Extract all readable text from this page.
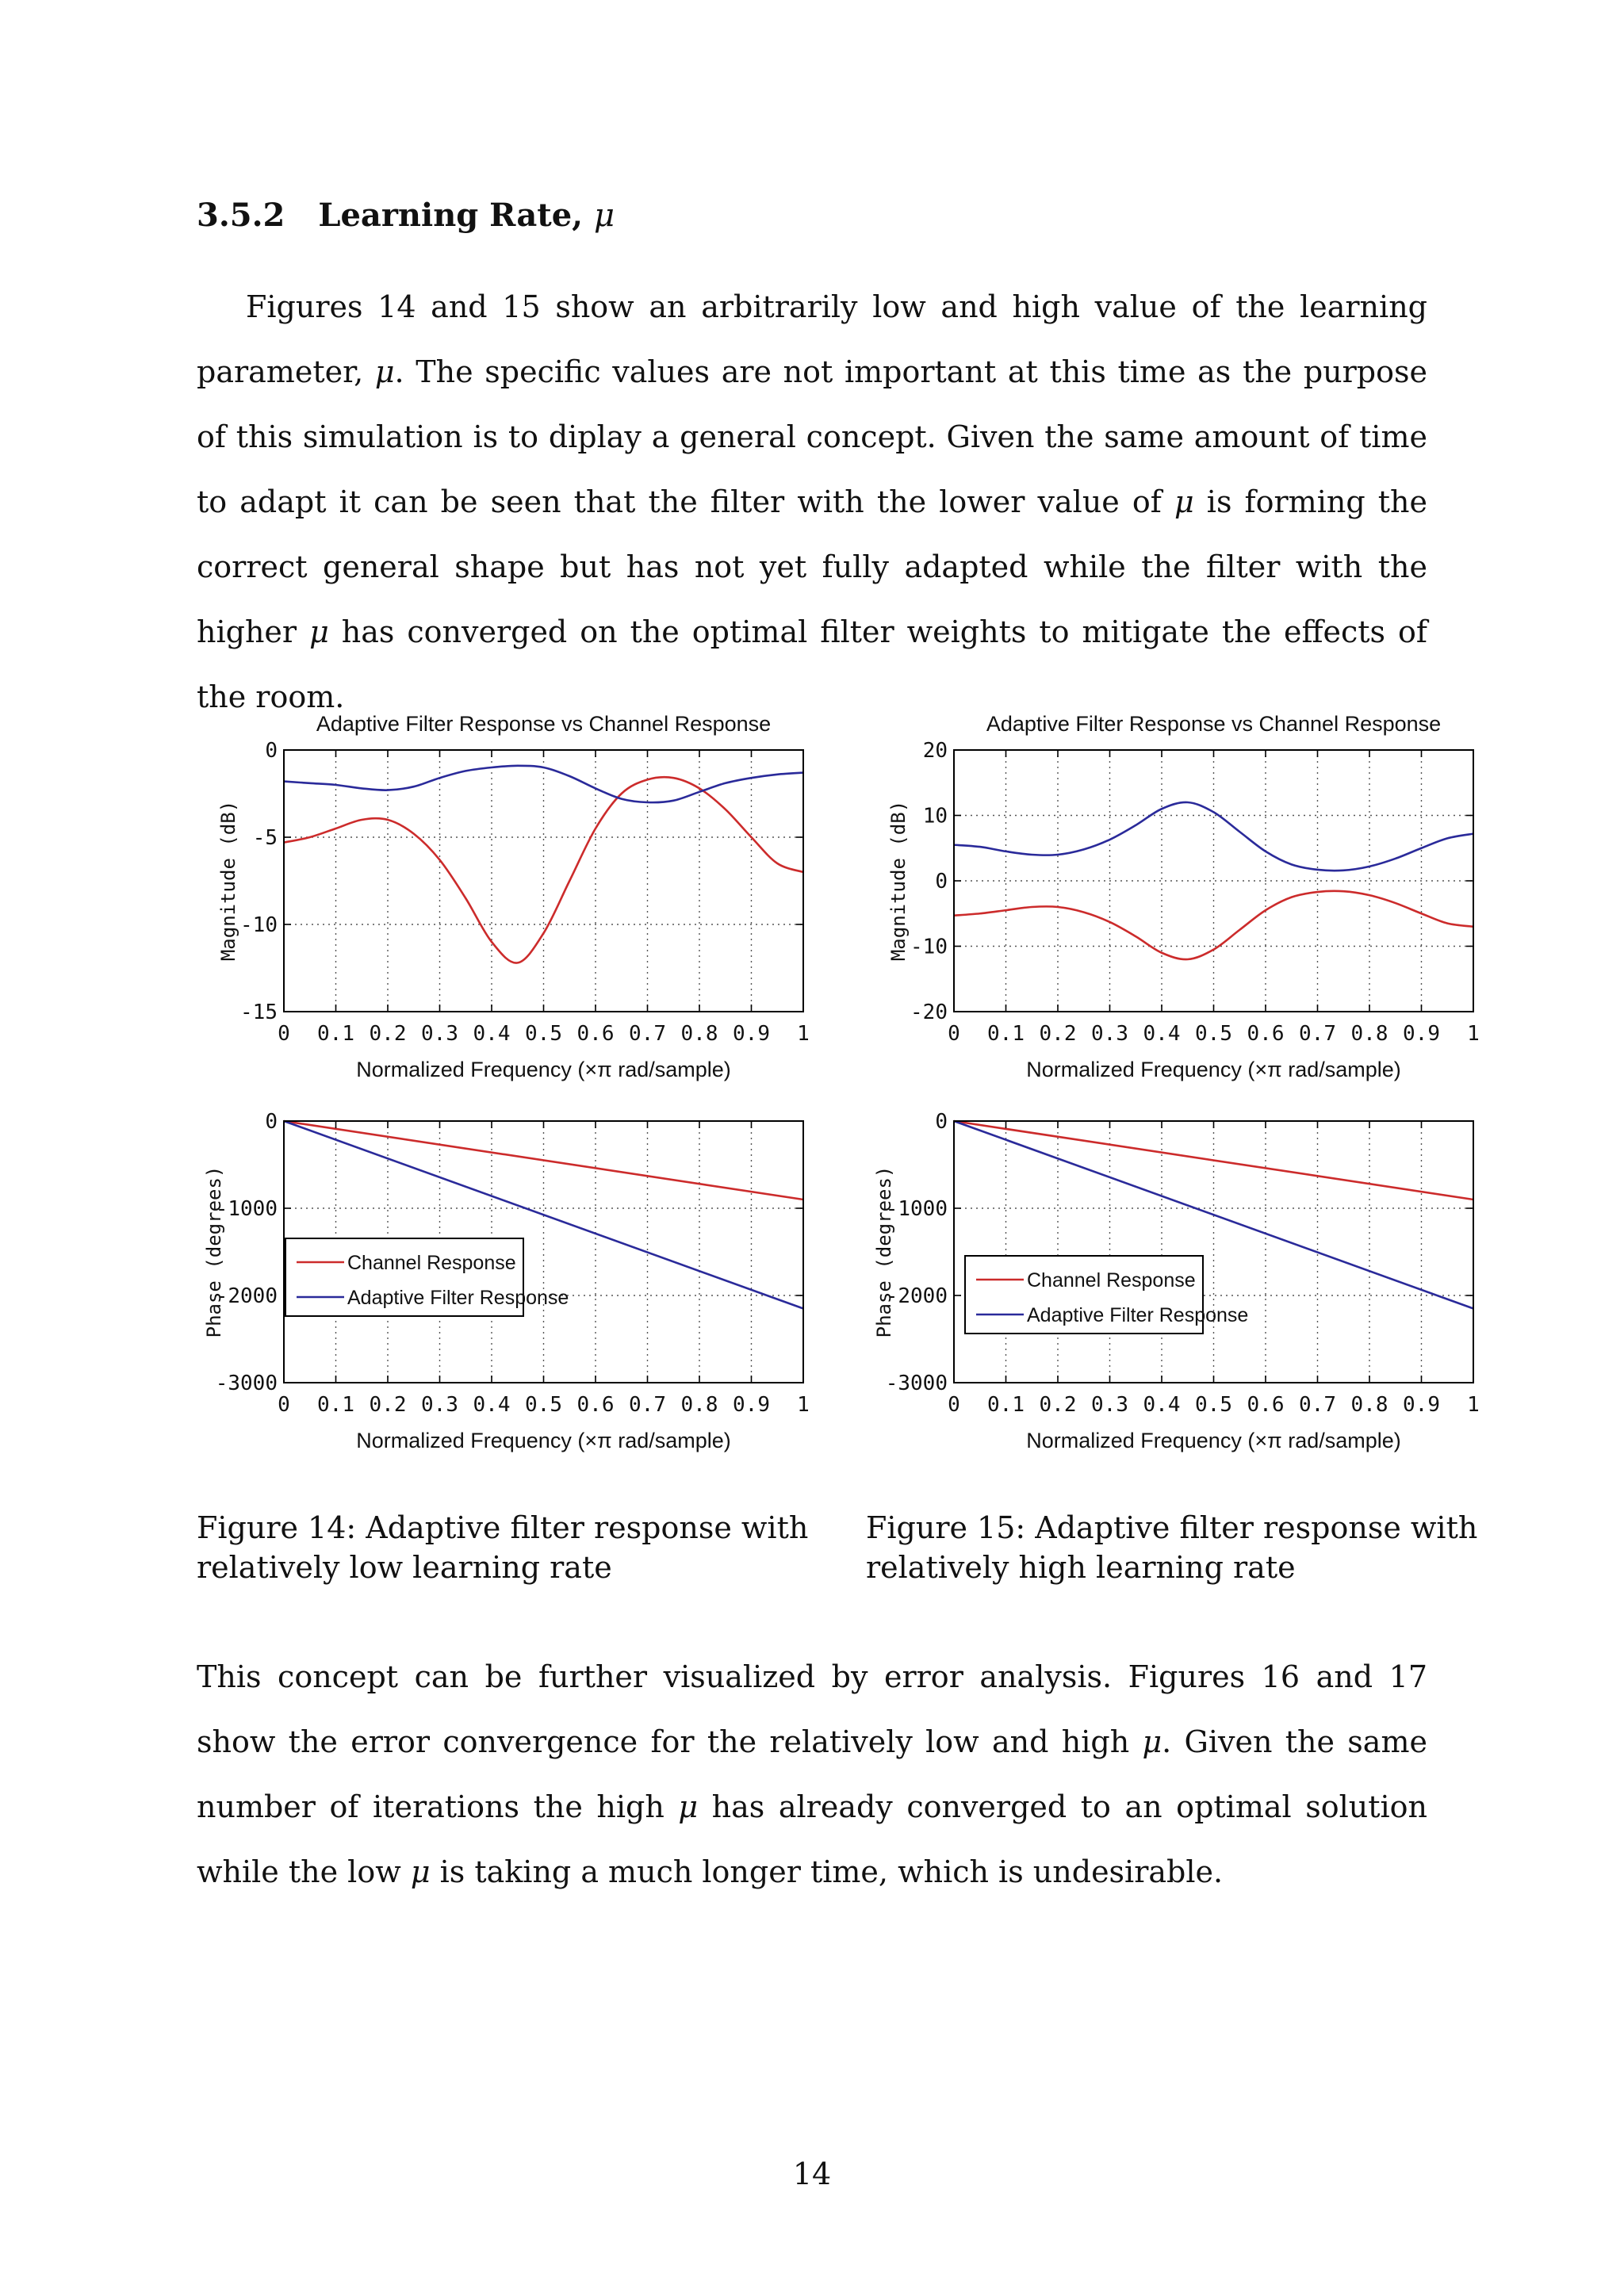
3.5.2 Learning Rate, μ

Figures 14 and 15 show an arbitrarily low and high value of the learning parameter, μ. The specific values are not important at this time as the purpose of this simulation is to diplay a general concept. Given the same amount of time to adapt it can be seen that the filter with the lower value of μ is forming the correct general shape but has not yet fully adapted while the filter with the higher μ has converged on the optimal filter weights to mitigate the effects of the room.

0 0.1 0.2 0.3 0.4 0.5 0.6 0.7 0.8 0.9 1
0
-5
-10
-15
Adaptive Filter Response vs Channel Response
Normalized Frequency (×π rad/sample)
Magnitude (dB)
0 0.1 0.2 0.3 0.4 0.5 0.6 0.7 0.8 0.9 1
0
-1000
-2000
-3000
Normalized Frequency (×π rad/sample)
Phase (degrees)	Channel Response
Adaptive Filter Response
0 0.1 0.2 0.3 0.4 0.5 0.6 0.7 0.8 0.9 1
20
10
0
-10
-20
Adaptive Filter Response vs Channel Response
Normalized Frequency (×π rad/sample)
Magnitude (dB)
0 0.1 0.2 0.3 0.4 0.5 0.6 0.7 0.8 0.9 1
0
-1000
-2000
-3000
Normalized Frequency (×π rad/sample)
Phase (degrees)	Channel Response
Adaptive Filter Response
Figure 14: Adaptive filter response with relatively low learning rate
Figure 15: Adaptive filter response with relatively high learning rate

This concept can be further visualized by error analysis. Figures 16 and 17 show the error convergence for the relatively low and high μ. Given the same number of iterations the high μ has already converged to an optimal solution while the low μ is taking a much longer time, which is undesirable.

14
